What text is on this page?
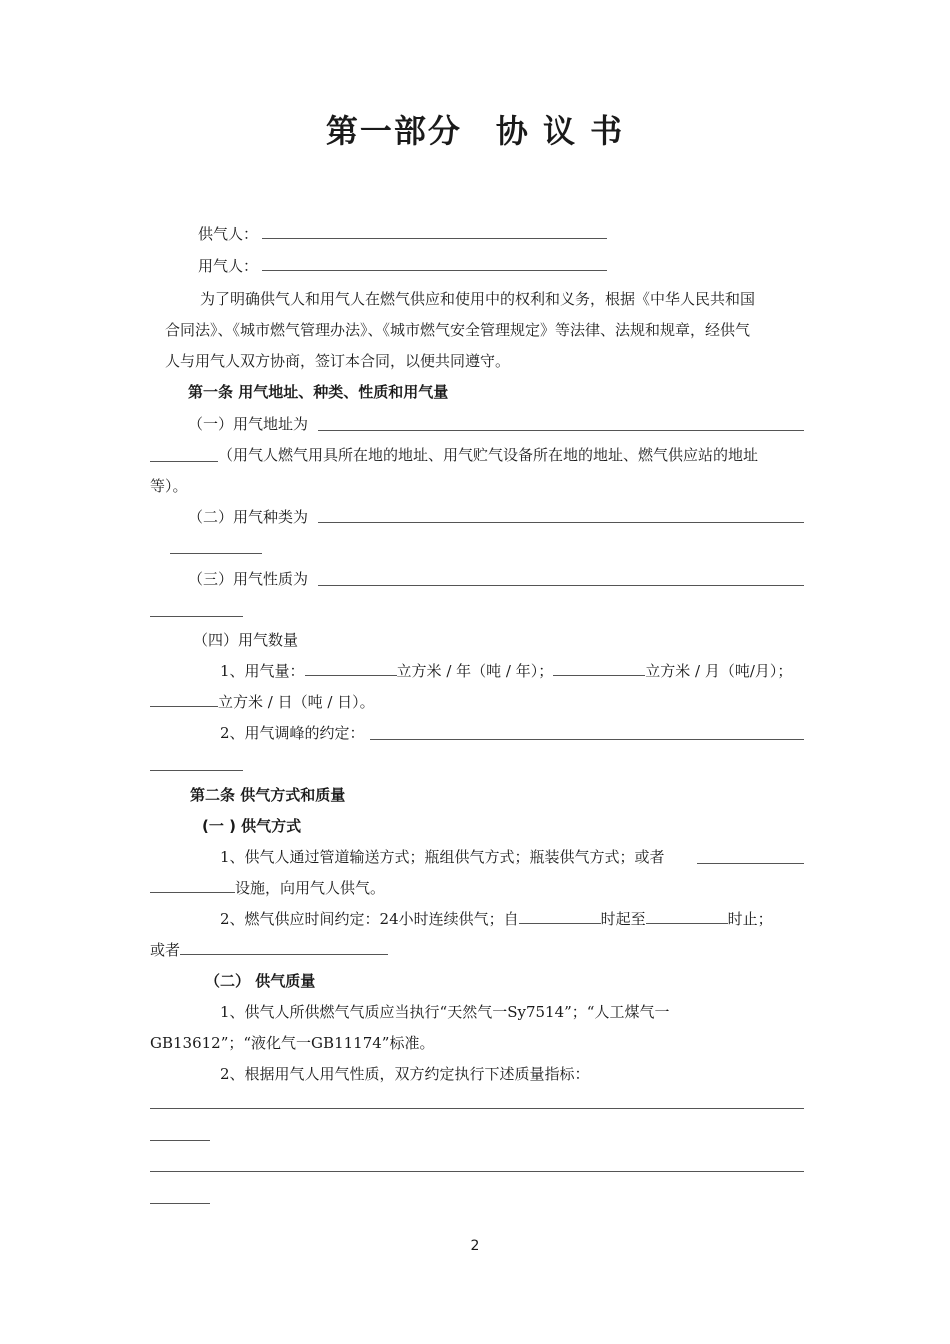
第一部分　协 议 书
供气人：
用气人：
为了明确供气人和用气人在燃气供应和使用中的权利和义务，根据《中华人民共和国
合同法》、《城市燃气管理办法》、《城市燃气安全管理规定》等法律、法规和规章，经供气
人与用气人双方协商，签订本合同，以便共同遵守。
第一条 用气地址、种类、性质和用气量
（一）用气地址为
（用气人燃气用具所在地的地址、用气贮气设备所在地的地址、燃气供应站的地址
等）。
（二）用气种类为
（三）用气性质为
（四）用气数量
1、用气量：	立方米 / 年（吨 / 年）；	立方米 / 月（吨/月）；
立方米 / 日（吨 / 日）。
2、用气调峰的约定：
第二条 供气方式和质量
(一 ) 供气方式
1、供气人通过管道输送方式；瓶组供气方式；瓶装供气方式；或者
设施，向用气人供气。
2、燃气供应时间约定：24小时连续供气；自	时起至	时止；
或者
（二） 供气质量
1、供气人所供燃气气质应当执行“天然气一Sy7514”；“人工煤气一
GB13612”；“液化气一GB11174”标准。
2、根据用气人用气性质，双方约定执行下述质量指标：
2
